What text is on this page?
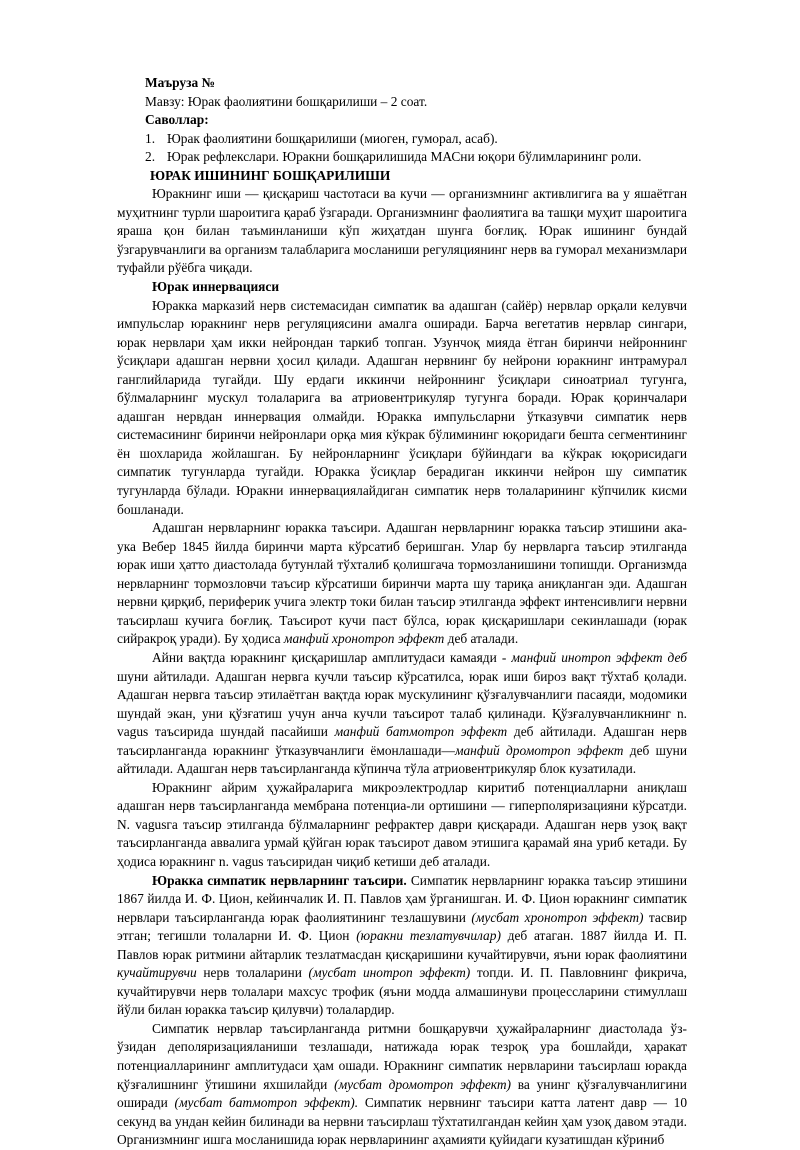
Маъруза №

Мавзу: Юрак фаолиятини бошқарилиши – 2 соат.

Саволлар:

1. Юрак фаолиятини бошқарилиши (миоген, гуморал, асаб).
2. Юрак рефлекслари. Юракни бошқарилишида МАСни юқори бўлимларининг роли.

ЮРАК ИШИНИНГ БОШҚАРИЛИШИ

Юракнинг иши — қисқариш частотаси ва кучи — организмнинг активлигига ва у яшаётган муҳитнинг турли шароитига қараб ўзгаради. Организмнинг фаолиятига ва ташқи муҳит шароитига яраша қон билан таъминланиши кўп жиҳатдан шунга боғлиқ. Юрак ишининг бундай ўзгарувчанлиги ва организм талабларига мосланиши регуляциянинг нерв ва гуморал механизмлари туфайли рўёбга чиқади.

Юрак иннервацияси

Юракка марказий нерв системасидан симпатик ва адашган (сайёр) нервлар орқали келувчи импульслар юракнинг нерв регуляциясини амалга оширади. Барча вегетатив нервлар сингари, юрак нервлари ҳам икки нейрондан таркиб топган. Узунчоқ мияда ётган биринчи нейроннинг ўсиқлари адашган нервни ҳосил қилади. Адашган нервнинг бу нейрони юракнинг интрамурал ганглийларида тугайди. Шу ердаги иккинчи нейроннинг ўсиқлари синоатриал тугунга, бўлмаларнинг мускул толаларига ва атриовентрикуляр тугунга боради. Юрак қоринчалари адашган нервдан иннервация олмайди. Юракка импульсларни ўтказувчи симпатик нерв системасининг биринчи нейронлари орқа мия кўкрак бўлимининг юқоридаги бешта сегментининг ён шохларида жойлашган. Бу нейронларнинг ўсиқлари бўйиндаги ва кўкрак юқорисидаги симпатик тугунларда тугайди. Юракка ўсиқлар берадиган иккинчи нейрон шу симпатик тугунларда бўлади. Юракни иннервациялайдиган симпатик нерв толаларининг кўпчилик кисми бошланади.

Адашган нервларнинг юракка таъсири. Адашган нервларнинг юракка таъсир этишини ака-ука Вебер 1845 йилда биринчи марта кўрсатиб беришган. Улар бу нервларга таъсир этилганда юрак иши ҳатто диастолада бутунлай тўхталиб қолишгача тормозланишини топишди. Организмда нервларнинг тормозловчи таъсир кўрсатиши биринчи марта шу тариқа аниқланган эди. Адашган нервни қирқиб, периферик учига электр токи билан таъсир этилганда эффект интенсивлиги нервни таъсирлаш кучига боғлиқ. Таъсирот кучи паст бўлса, юрак қисқаришлари секинлашади (юрак сийракроқ уради). Бу ҳодиса манфий хронотроп эффект деб аталади.

Айни вақтда юракнинг қисқаришлар амплитудаси камаяди - манфий инотроп эффект деб шуни айтилади. Адашган нервга кучли таъсир кўрсатилса, юрак иши бироз вақт тўхтаб қолади. Адашган нервга таъсир этилаётган вақтда юрак мускулининг қўзғалувчанлиги пасаяди, модомики шундай экан, уни қўзғатиш учун анча кучли таъсирот талаб қилинади. Қўзғалувчанликнинг n. vagus таъсирида шундай пасайиши манфий батмотроп эффект деб айтилади. Адашган нерв таъсирланганда юракнинг ўтказувчанлиги ёмонлашади—манфий дромотроп эффект деб шуни айтилади. Адашган нерв таъсирланганда кўпинча тўла атриовентрикуляр блок кузатилади.

Юракнинг айрим ҳужайраларига микроэлектродлар киритиб потенциалларни аниқлаш адашган нерв таъсирланганда мембрана потенциа-ли ортишини — гиперполяризацияни кўрсатди. N. vagusга таъсир этилганда бўлмаларнинг рефрактер даври қисқаради. Адашган нерв узоқ вақт таъсирланганда аввалига урмай қўйган юрак таъсирот давом этишига қарамай яна уриб кетади. Бу ҳодиса юракнинг n. vagus таъсиридан чиқиб кетиши деб аталади.

Юракка симпатик нервларнинг таъсири. Симпатик нервларнинг юракка таъсир этишини 1867 йилда И. Ф. Цион, кейинчалик И. П. Павлов ҳам ўрганишган. И. Ф. Цион юракнинг симпатик нервлари таъсирланганда юрак фаолиятининг тезлашувини (мусбат хронотроп эффект) тасвир этган; тегишли толаларни И. Ф. Цион (юракни тезлатувчилар) деб атаган. 1887 йилда И. П. Павлов юрак ритмини айтарлик тезлатмасдан қисқаришини кучайтирувчи, яъни юрак фаолиятини кучайтирувчи нерв толаларини (мусбат инотроп эффект) топди. И. П. Павловнинг фикрича, кучайтирувчи нерв толалари махсус трофик (яъни модда алмашинуви процессларини стимуллаш йўли билан юракка таъсир қилувчи) толалардир.

Симпатик нервлар таъсирланганда ритмни бошқарувчи ҳужайраларнинг диастолада ўз-ўзидан деполяризацияланиши тезлашади, натижада юрак тезроқ ура бошлайди, ҳаракат потенциалларининг амплитудаси ҳам ошади. Юракнинг симпатик нервларини таъсирлаш юракда қўзғалишнинг ўтишини яхшилайди (мусбат дромотроп эффект) ва унинг қўзғалувчанлигини оширади (мусбат батмотроп эффект). Симпатик нервнинг таъсири катта латент давр — 10 секунд ва ундан кейин билинади ва нервни таъсирлаш тўхтатилгандан кейин ҳам узоқ давом этади. Организмнинг ишга мосланишида юрак нервларининг аҳамияти қуйидаги кузатишдан кўриниб
